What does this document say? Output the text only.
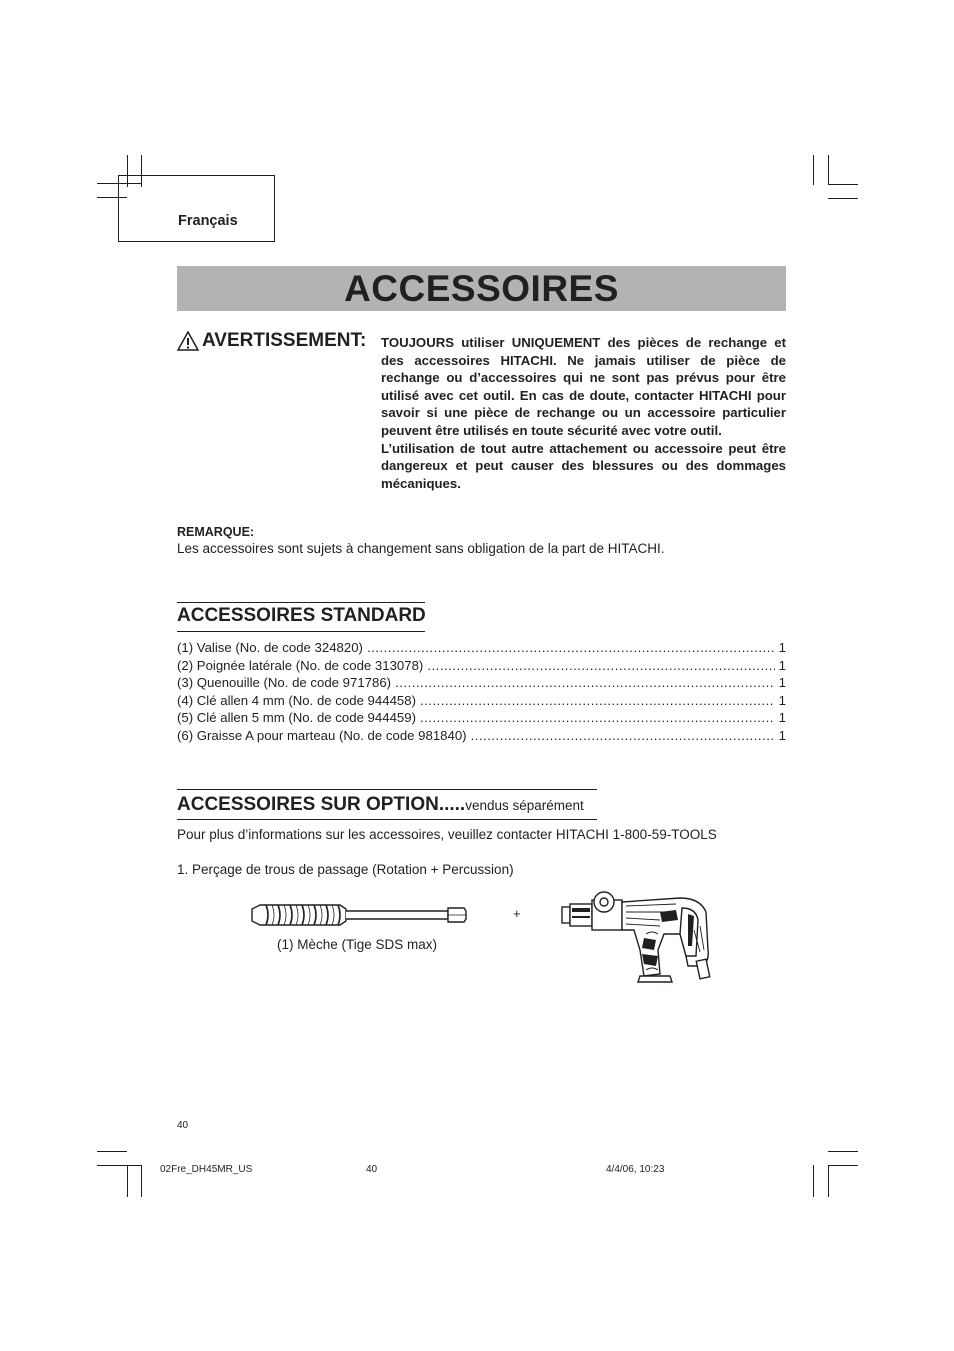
Français
ACCESSOIRES
AVERTISSEMENT: TOUJOURS utiliser UNIQUEMENT des pièces de rechange et des accessoires HITACHI. Ne jamais utiliser de pièce de rechange ou d’accessoires qui ne sont pas prévus pour être utilisé avec cet outil. En cas de doute, contacter HITACHI pour savoir si une pièce de rechange ou un accessoire particulier peuvent être utilisés en toute sécurité avec votre outil.

L’utilisation de tout autre attachement ou accessoire peut être dangereux et peut causer des blessures ou des dommages mécaniques.

REMARQUE:
Les accessoires sont sujets à changement sans obligation de la part de HITACHI.
ACCESSOIRES STANDARD
(1) Valise (No. de code 324820) .....	1
(2) Poignée latérale (No. de code 313078) .....	1
(3) Quenouille (No. de code 971786) .....	1
(4) Clé allen 4 mm (No. de code 944458) .....	1
(5) Clé allen 5 mm (No. de code 944459) .....	1
(6) Graisse A pour marteau (No. de code 981840) .....	1
ACCESSOIRES SUR OPTION.....vendus séparément
Pour plus d’informations sur les accessoires, veuillez contacter HITACHI 1-800-59-TOOLS
1. Perçage de trous de passage (Rotation + Percussion)
(1) Mèche (Tige SDS max)
+
40
02Fre_DH45MR_US	40	4/4/06, 10:23
